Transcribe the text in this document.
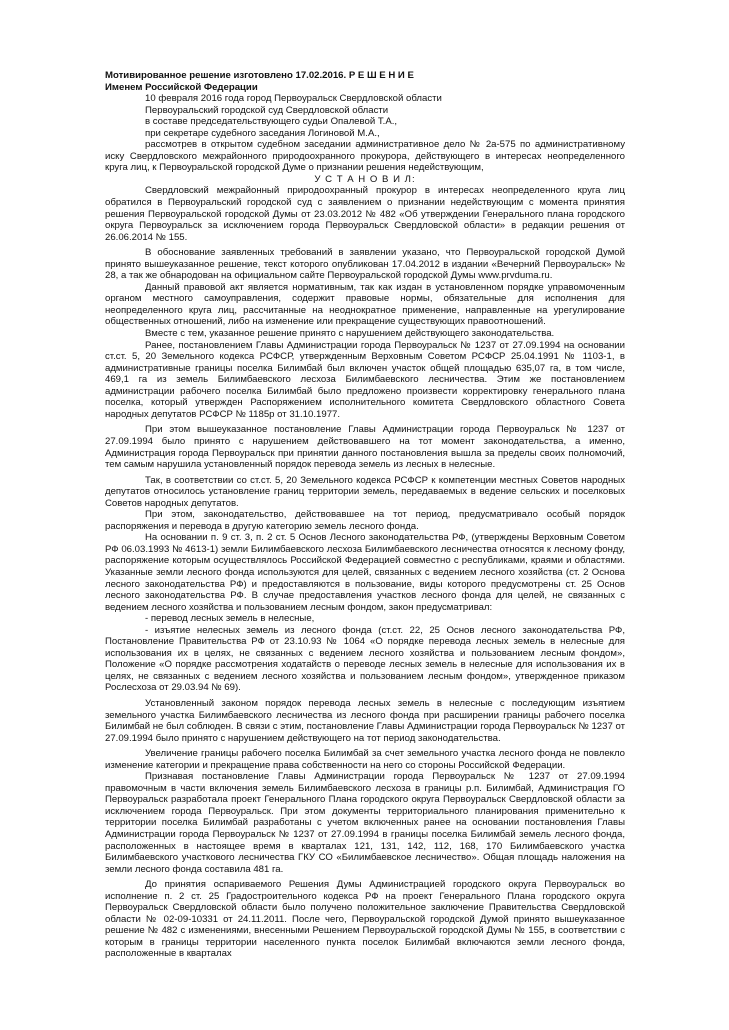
Мотивированное решение изготовлено 17.02.2016. Р Е Ш Е Н И Е

Именем Российской Федерации

10 февраля 2016 года город Первоуральск Свердловской области

Первоуральский городской суд Свердловской области

в составе председательствующего судьи Опалевой Т.А.,

при секретаре судебного заседания Логиновой М.А.,

рассмотрев в открытом судебном заседании административное дело № 2а-575 по административному иску Свердловского межрайонного природоохранного прокурора, действующего в интересах неопределенного круга лиц, к Первоуральской городской Думе о признании решения недействующим,

У С Т А Н О В И Л:

Свердловский межрайонный природоохранный прокурор в интересах неопределенного круга лиц обратился в Первоуральский городской суд с заявлением о признании недействующим с момента принятия решения Первоуральской городской Думы от 23.03.2012 № 482 «Об утверждении Генерального плана городского округа Первоуральск за исключением города Первоуральск Свердловской области» в редакции решения от 26.06.2014 № 155.

В обоснование заявленных требований в заявлении указано, что Первоуральской городской Думой принято вышеуказанное решение, текст которого опубликован 17.04.2012 в издании «Вечерний Первоуральск» № 28, а так же обнародован на официальном сайте Первоуральской городской Думы www.prvduma.ru.

Данный правовой акт является нормативным, так как издан в установленном порядке управомоченным органом местного самоуправления, содержит правовые нормы, обязательные для исполнения для неопределенного круга лиц, рассчитанные на неоднократное применение, направленные на урегулирование общественных отношений, либо на изменение или прекращение существующих правоотношений.

Вместе с тем, указанное решение принято с нарушением действующего законодательства.

Ранее, постановлением Главы Администрации города Первоуральск № 1237 от 27.09.1994 на основании ст.ст. 5, 20 Земельного кодекса РСФСР, утвержденным Верховным Советом РСФСР 25.04.1991 № 1103-1, в административные границы поселка Билимбай был включен участок общей площадью 635,07 га, в том числе, 469,1 га из земель Билимбаевского лесхоза Билимбаевского лесничества. Этим же постановлением администрации рабочего поселка Билимбай было предложено произвести корректировку генерального плана поселка, который утвержден Распоряжением исполнительного комитета Свердловского областного Совета народных депутатов РСФСР № 1185р от 31.10.1977.

При этом вышеуказанное постановление Главы Администрации города Первоуральск № 1237 от 27.09.1994 было принято с нарушением действовавшего на тот момент законодательства, а именно, Администрация города Первоуральск при принятии данного постановления вышла за пределы своих полномочий, тем самым нарушила установленный порядок перевода земель из лесных в нелесные.

Так, в соответствии со ст.ст. 5, 20 Земельного кодекса РСФСР к компетенции местных Советов народных депутатов относилось установление границ территории земель, передаваемых в ведение сельских и поселковых Советов народных депутатов.

При этом, законодательство, действовавшее на тот период, предусматривало особый порядок распоряжения и перевода в другую категорию земель лесного фонда.

На основании п. 9 ст. 3, п. 2 ст. 5 Основ Лесного законодательства РФ, (утверждены Верховным Советом РФ 06.03.1993 № 4613-1) земли Билимбаевского лесхоза Билимбаевского лесничества относятся к лесному фонду, распоряжение которым осуществлялось Российской Федерацией совместно с республиками, краями и областями. Указанные земли лесного фонда используются для целей, связанных с ведением лесного хозяйства (ст. 2 Основа лесного законодательства РФ) и предоставляются в пользование, виды которого предусмотрены ст. 25 Основ лесного законодательства РФ. В случае предоставления участков лесного фонда для целей, не связанных с ведением лесного хозяйства и пользованием лесным фондом, закон предусматривал:

- перевод лесных земель в нелесные,

- изъятие нелесных земель из лесного фонда (ст.ст. 22, 25 Основ лесного законодательства РФ, Постановление Правительства РФ от 23.10.93 № 1064 «О порядке перевода лесных земель в нелесные для использования их в целях, не связанных с ведением лесного хозяйства и пользованием лесным фондом», Положение «О порядке рассмотрения ходатайств о переводе лесных земель в нелесные для использования их в целях, не связанных с ведением лесного хозяйства и пользованием лесным фондом», утвержденное приказом Рослесхоза от 29.03.94 № 69).

Установленный законом порядок перевода лесных земель в нелесные с последующим изъятием земельного участка Билимбаевского лесничества из лесного фонда при расширении границы рабочего поселка Билимбай не был соблюден. В связи с этим, постановление Главы Администрации города Первоуральск № 1237 от 27.09.1994 было принято с нарушением действующего на тот период законодательства.

Увеличение границы рабочего поселка Билимбай за счет земельного участка лесного фонда не повлекло изменение категории и прекращение права собственности на него со стороны Российской Федерации.

Признавая постановление Главы Администрации города Первоуральск № 1237 от 27.09.1994 правомочным в части включения земель Билимбаевского лесхоза в границы р.п. Билимбай, Администрация ГО Первоуральск разработала проект Генерального Плана городского округа Первоуральск Свердловской области за исключением города Первоуральск. При этом документы территориального планирования применительно к территории поселка Билимбай разработаны с учетом включенных ранее на основании постановления Главы Администрации города Первоуральск № 1237 от 27.09.1994 в границы поселка Билимбай земель лесного фонда, расположенных в настоящее время в кварталах 121, 131, 142, 112, 168, 170 Билимбаевского участка Билимбаевского участкового лесничества ГКУ СО «Билимбаевское лесничество». Общая площадь наложения на земли лесного фонда составила 481 га.

До принятия оспариваемого Решения Думы Администрацией городского округа Первоуральск во исполнение п. 2 ст. 25 Градостроительного кодекса РФ на проект Генерального Плана городского округа Первоуральск Свердловской области было получено положительное заключение Правительства Свердловской области № 02-09-10331 от 24.11.2011. После чего, Первоуральской городской Думой принято вышеуказанное решение № 482 с изменениями, внесенными Решением Первоуральской городской Думы № 155, в соответствии с которым в границы территории населенного пункта поселок Билимбай включаются земли лесного фонда, расположенные в кварталах
